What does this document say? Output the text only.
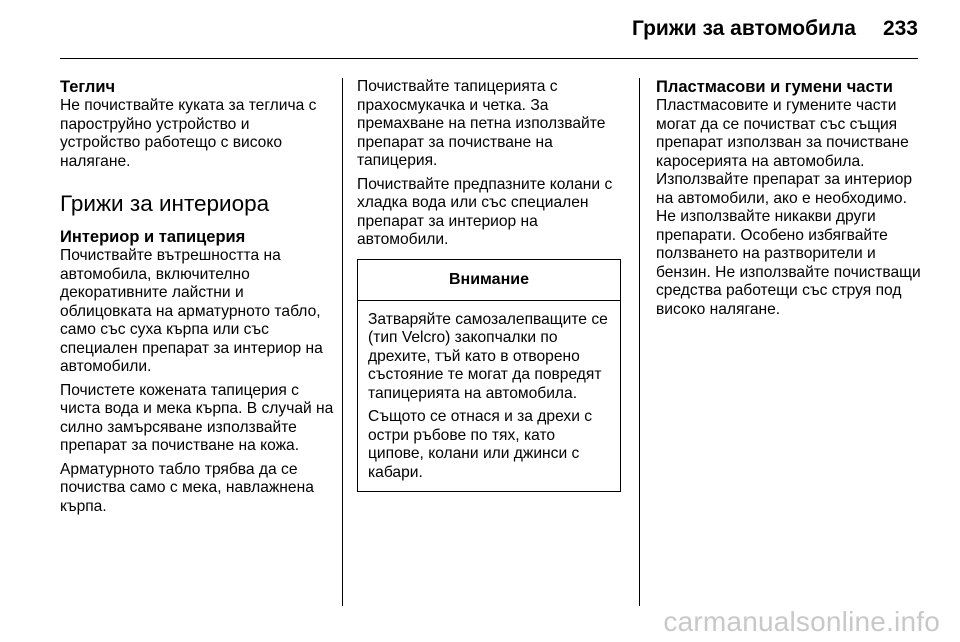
Грижи за автомобила 233
Теглич

Не почиствайте куката за теглича с пароструйно устройство и устройство работещо с високо налягане.

Грижи за интериора
Интериор и тапицерия

Почиствайте вътрешността на автомобила, включително декоративните лайстни и облицовката на арматурното табло, само със суха кърпа или със специален препарат за интериор на автомобили.

Почистете кожената тапицерия с чиста вода и мека кърпа. В случай на силно замърсяване използвайте препарат за почистване на кожа.

Арматурното табло трябва да се почиства само с мека, навлажнена кърпа.

Почиствайте тапицерията с прахосмукачка и четка. За премахване на петна използвайте препарат за почистване на тапицерия.

Почиствайте предпазните колани с хладка вода или със специален препарат за интериор на автомобили.

Внимание

Затваряйте самозалепващите се (тип Velcro) закопчалки по дрехите, тъй като в отворено състояние те могат да повредят тапицерията на автомобила.

Същото се отнася и за дрехи с остри ръбове по тях, като ципове, колани или джинси с кабари.

Пластмасови и гумени части

Пластмасовите и гумените части могат да се почистват със същия препарат използван за почистване каросерията на автомобила. Използвайте препарат за интериор на автомобили, ако е необходимо. Не използвайте никакви други препарати. Особено избягвайте ползването на разтворители и бензин. Не използвайте почистващи средства работещи със струя под високо налягане.

carmanualsonline.info
